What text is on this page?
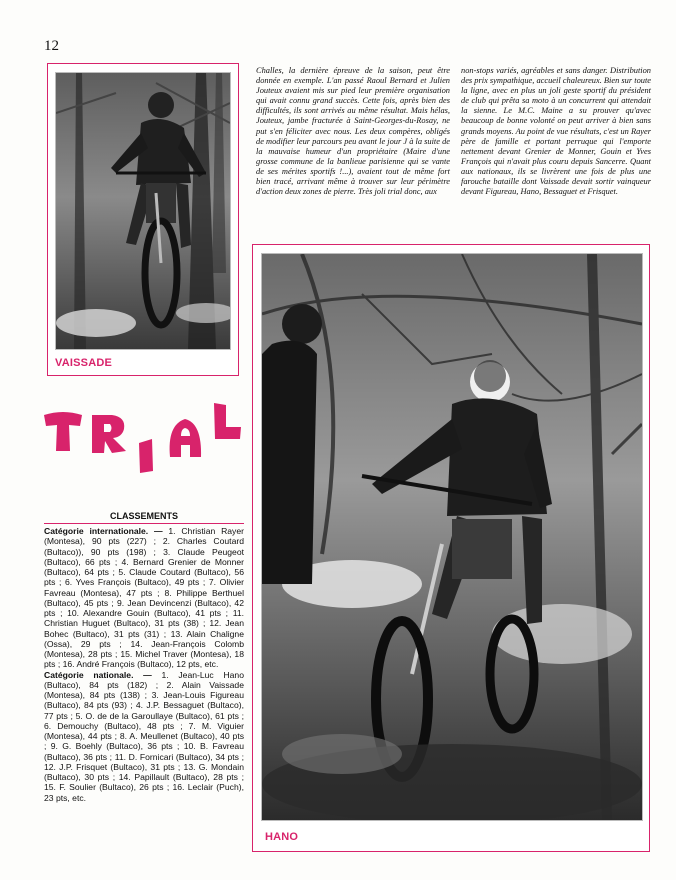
12
VAISSADE

Challes, la dernière épreuve de la saison, peut être donnée en exemple. L'an passé Raoul Bernard et Julien Jouteux avaient mis sur pied leur première organisation qui avait connu grand succès. Cette fois, après bien des difficultés, ils sont arrivés au même résultat. Mais hélas, Jouteux, jambe fracturée à Saint-Georges-du-Rosay, ne put s'en féliciter avec nous. Les deux compères, obligés de modifier leur parcours peu avant le jour J à la suite de la mauvaise humeur d'un propriétaire (Maire d'une grosse commune de la banlieue parisienne qui se vante de ses mérites sportifs !...), avaient tout de même fort bien tracé, arrivant même à trouver sur leur périmètre d'action deux zones de pierre. Très joli trial donc, aux

non-stops variés, agréables et sans danger. Distribution des prix sympathique, accueil chaleureux. Bien sur toute la ligne, avec en plus un joli geste sportif du président de club qui prêta sa moto à un concurrent qui attendait la sienne. Le M.C. Maine a su prouver qu'avec beaucoup de bonne volonté on peut arriver à bien sans grands moyens. Au point de vue résultats, c'est un Rayer père de famille et portant perruque qui l'emporte nettement devant Grenier de Monner, Gouin et Yves François qui n'avait plus couru depuis Sancerre. Quant aux nationaux, ils se livrèrent une fois de plus une farouche bataille dont Vaissade devait sortir vainqueur devant Figureau, Hano, Bessaguet et Frisquet.

CLASSEMENTS

Catégorie internationale. — 1. Christian Rayer (Montesa), 90 pts (227) ; 2. Charles Coutard (Bultaco)), 90 pts (198) ; 3. Claude Peugeot (Bultaco), 66 pts ; 4. Bernard Grenier de Monner (Bultaco), 64 pts ; 5. Claude Coutard (Bultaco), 56 pts ; 6. Yves François (Bultaco), 49 pts ; 7. Olivier Favreau (Montesa), 47 pts ; 8. Philippe Berthuel (Bultaco), 45 pts ; 9. Jean Devincenzi (Bultaco), 42 pts ; 10. Alexandre Gouin (Bultaco), 41 pts ; 11. Christian Huguet (Bultaco), 31 pts (38) ; 12. Jean Bohec (Bultaco), 31 pts (31) ; 13. Alain Chaligne (Ossa), 29 pts ; 14. Jean-François Colomb (Montesa), 28 pts ; 15. Michel Traver (Montesa), 18 pts ; 16. André François (Bultaco), 12 pts, etc.
Catégorie nationale. — 1. Jean-Luc Hano (Bultaco), 84 pts (182) ; 2. Alain Vaissade (Montesa), 84 pts (138) ; 3. Jean-Louis Figureau (Bultaco), 84 pts (93) ; 4. J.P. Bessaguet (Bultaco), 77 pts ; 5. O. de de la Garoullaye (Bultaco), 61 pts ; 6. Demouchy (Bultaco), 48 pts ; 7. M. Viguier (Montesa), 44 pts ; 8. A. Meullenet (Bultaco), 40 pts ; 9. G. Boehly (Bultaco), 36 pts ; 10. B. Favreau (Bultaco), 36 pts ; 11. D. Fornicari (Bultaco), 34 pts ; 12. J.P. Frisquet (Bultaco), 31 pts ; 13. G. Mondain (Bultaco), 30 pts ; 14. Papillault (Bultaco), 28 pts ; 15. F. Soulier (Bultaco), 26 pts ; 16. Leclair (Puch), 23 pts, etc.

HANO
